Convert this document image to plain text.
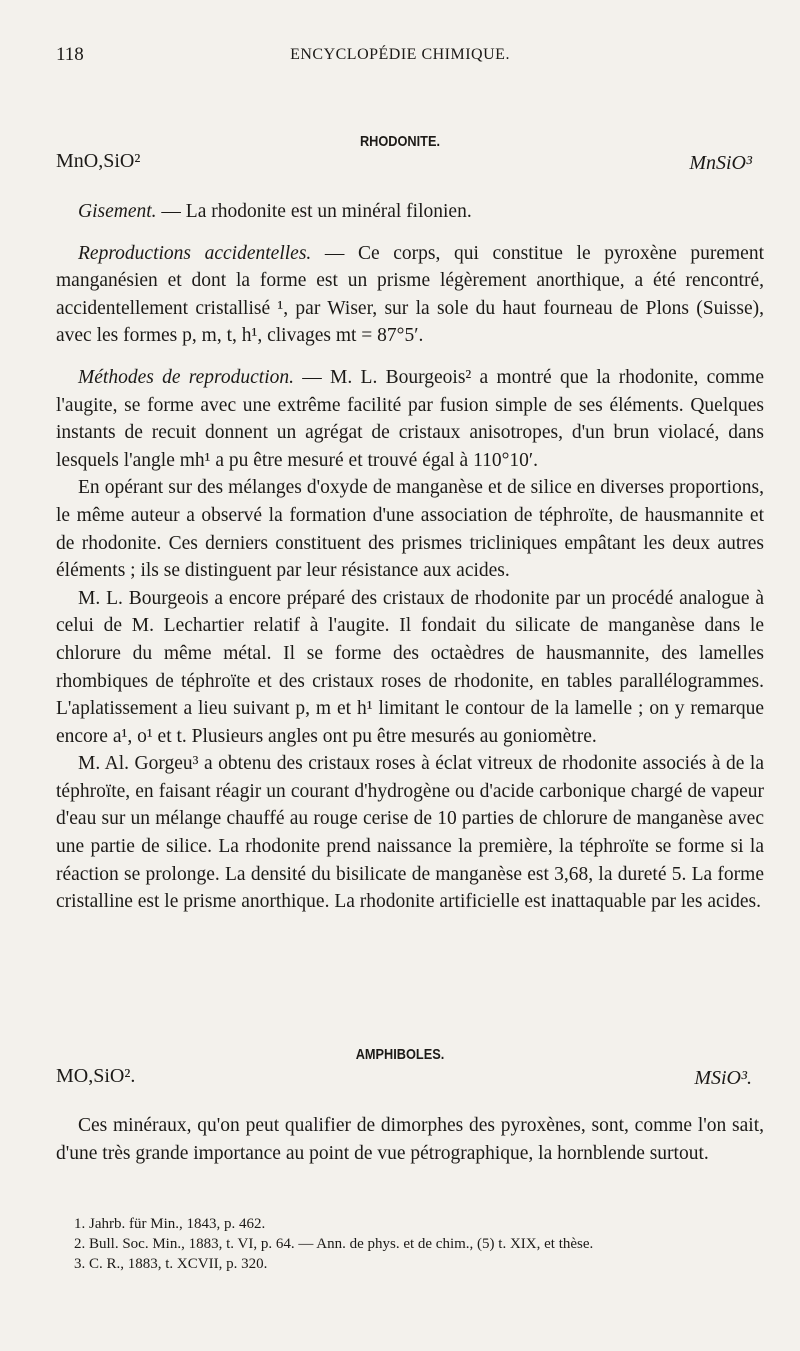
118	ENCYCLOPÉDIE CHIMIQUE.
RHODONITE.
MnO,SiO²	MnSiO³

Gisement. — La rhodonite est un minéral filonien.

Reproductions accidentelles. — Ce corps, qui constitue le pyroxène purement manganésien et dont la forme est un prisme légèrement anorthique, a été rencontré, accidentellement cristallisé ¹, par Wiser, sur la sole du haut fourneau de Plons (Suisse), avec les formes p, m, t, h¹, clivages mt = 87°5′.

Méthodes de reproduction. — M. L. Bourgeois² a montré que la rhodonite, comme l'augite, se forme avec une extrême facilité par fusion simple de ses éléments. Quelques instants de recuit donnent un agrégat de cristaux anisotropes, d'un brun violacé, dans lesquels l'angle mh¹ a pu être mesuré et trouvé égal à 110°10′.

En opérant sur des mélanges d'oxyde de manganèse et de silice en diverses proportions, le même auteur a observé la formation d'une association de téphroïte, de hausmannite et de rhodonite. Ces derniers constituent des prismes tricliniques empâtant les deux autres éléments ; ils se distinguent par leur résistance aux acides.

M. L. Bourgeois a encore préparé des cristaux de rhodonite par un procédé analogue à celui de M. Lechartier relatif à l'augite. Il fondait du silicate de manganèse dans le chlorure du même métal. Il se forme des octaèdres de hausmannite, des lamelles rhombiques de téphroïte et des cristaux roses de rhodonite, en tables parallélogrammes. L'aplatissement a lieu suivant p, m et h¹ limitant le contour de la lamelle ; on y remarque encore a¹, o¹ et t. Plusieurs angles ont pu être mesurés au goniomètre.

M. Al. Gorgeu³ a obtenu des cristaux roses à éclat vitreux de rhodonite associés à de la téphroïte, en faisant réagir un courant d'hydrogène ou d'acide carbonique chargé de vapeur d'eau sur un mélange chauffé au rouge cerise de 10 parties de chlorure de manganèse avec une partie de silice. La rhodonite prend naissance la première, la téphroïte se forme si la réaction se prolonge. La densité du bisilicate de manganèse est 3,68, la dureté 5. La forme cristalline est le prisme anorthique. La rhodonite artificielle est inattaquable par les acides.

AMPHIBOLES.
MO,SiO².	MSiO³.

Ces minéraux, qu'on peut qualifier de dimorphes des pyroxènes, sont, comme l'on sait, d'une très grande importance au point de vue pétrographique, la hornblende surtout.

1. Jahrb. für Min., 1843, p. 462.

2. Bull. Soc. Min., 1883, t. VI, p. 64. — Ann. de phys. et de chim., (5) t. XIX, et thèse.

3. C. R., 1883, t. XCVII, p. 320.
